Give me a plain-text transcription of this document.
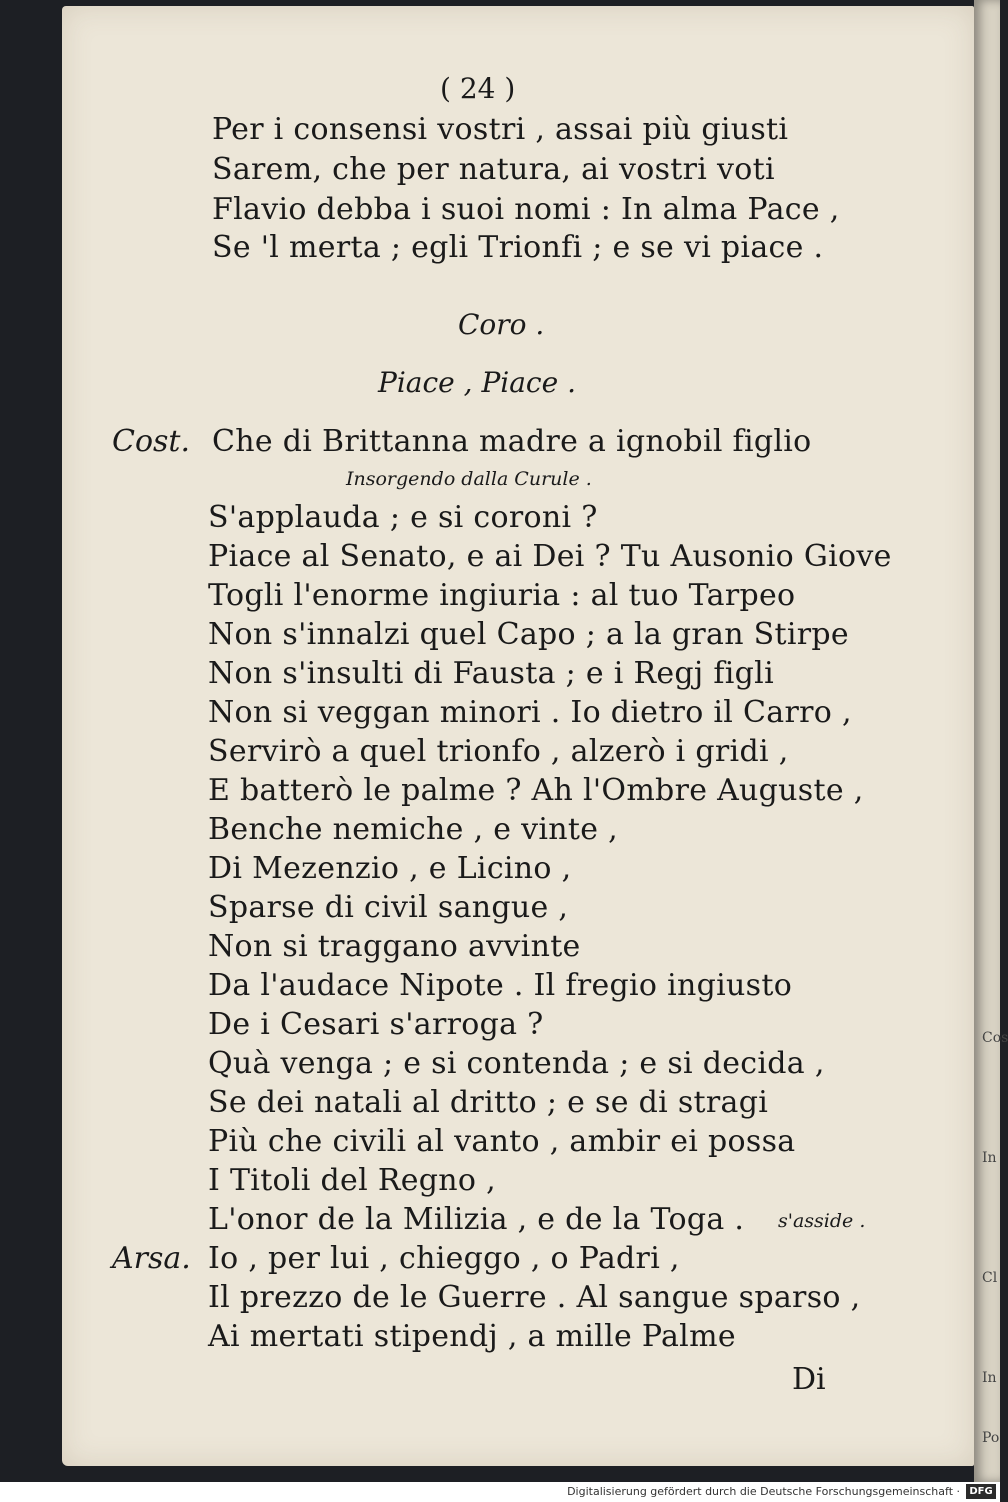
Cos
In
Cl
In
Po
( 24 )
Per i consensi vostri , assai più giusti
Sarem, che per natura, ai vostri voti
Flavio debba i suoi nomi : In alma Pace ,
Se 'l merta ; egli Trionfi ; e se vi piace .
Coro .
Piace , Piace .
Cost. Che di Brittanna madre a ignobil figlio
Insorgendo dalla Curule .
S'applauda ; e si coroni ?
Piace al Senato, e ai Dei ? Tu Ausonio Giove
Togli l'enorme ingiuria : al tuo Tarpeo
Non s'innalzi quel Capo ; a la gran Stirpe
Non s'insulti di Fausta ; e i Regj figli
Non si veggan minori . Io dietro il Carro ,
Servirò a quel trionfo , alzerò i gridi ,
E batterò le palme ? Ah l'Ombre Auguste ,
Benche nemiche , e vinte ,
Di Mezenzio , e Licino ,
Sparse di civil sangue ,
Non si traggano avvinte
Da l'audace Nipote . Il fregio ingiusto
De i Cesari s'arroga ?
Quà venga ; e si contenda ; e si decida ,
Se dei natali al dritto ; e se di stragi
Più che civili al vanto , ambir ei possa
I Titoli del Regno ,
L'onor de la Milizia , e de la Toga . s'asside .
Arsa. Io , per lui , chieggo , o Padri ,
Il prezzo de le Guerre . Al sangue sparso ,
Ai mertati stipendj , a mille Palme
Di
Digitalisierung gefördert durch die Deutsche Forschungsgemeinschaft · DFG
